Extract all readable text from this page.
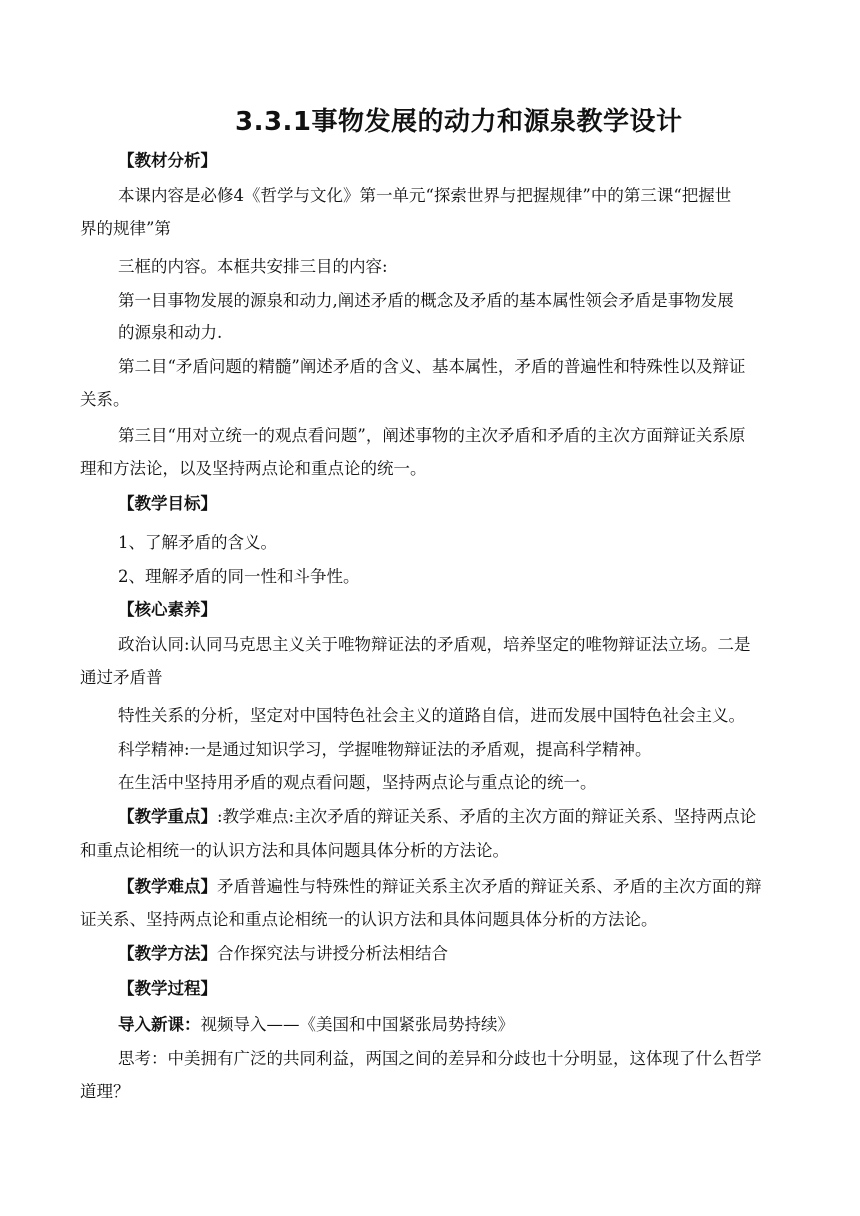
3.3.1事物发展的动力和源泉教学设计
【教材分析】
本课内容是必修4《哲学与文化》第一单元“探索世界与把握规律”中的第三课“把握世
界的规律”第
三框的内容。本框共安排三目的内容:
第一目事物发展的源泉和动力,阐述矛盾的概念及矛盾的基本属性领会矛盾是事物发展
的源泉和动力.
第二目“矛盾问题的精髓”阐述矛盾的含义、基本属性，矛盾的普遍性和特殊性以及辩证
关系。
第三目“用对立统一的观点看问题”，阐述事物的主次矛盾和矛盾的主次方面辩证关系原
理和方法论，以及坚持两点论和重点论的统一。
【教学目标】
1、了解矛盾的含义。
2、理解矛盾的同一性和斗争性。
【核心素养】
政治认同:认同马克思主义关于唯物辩证法的矛盾观，培养坚定的唯物辩证法立场。二是
通过矛盾普
特性关系的分析，坚定对中国特色社会主义的道路自信，进而发展中国特色社会主义。
科学精神:一是通过知识学习，学握唯物辩证法的矛盾观，提高科学精神。
在生活中坚持用矛盾的观点看问题，坚持两点论与重点论的统一。
【教学重点】:教学难点:主次矛盾的辩证关系、矛盾的主次方面的辩证关系、坚持两点论
和重点论相统一的认识方法和具体问题具体分析的方法论。
【教学难点】矛盾普遍性与特殊性的辩证关系主次矛盾的辩证关系、矛盾的主次方面的辩
证关系、坚持两点论和重点论相统一的认识方法和具体问题具体分析的方法论。
【教学方法】合作探究法与讲授分析法相结合
【教学过程】
导入新课：视频导入——《美国和中国紧张局势持续》
思考：中美拥有广泛的共同利益，两国之间的差异和分歧也十分明显，这体现了什么哲学
道理？
